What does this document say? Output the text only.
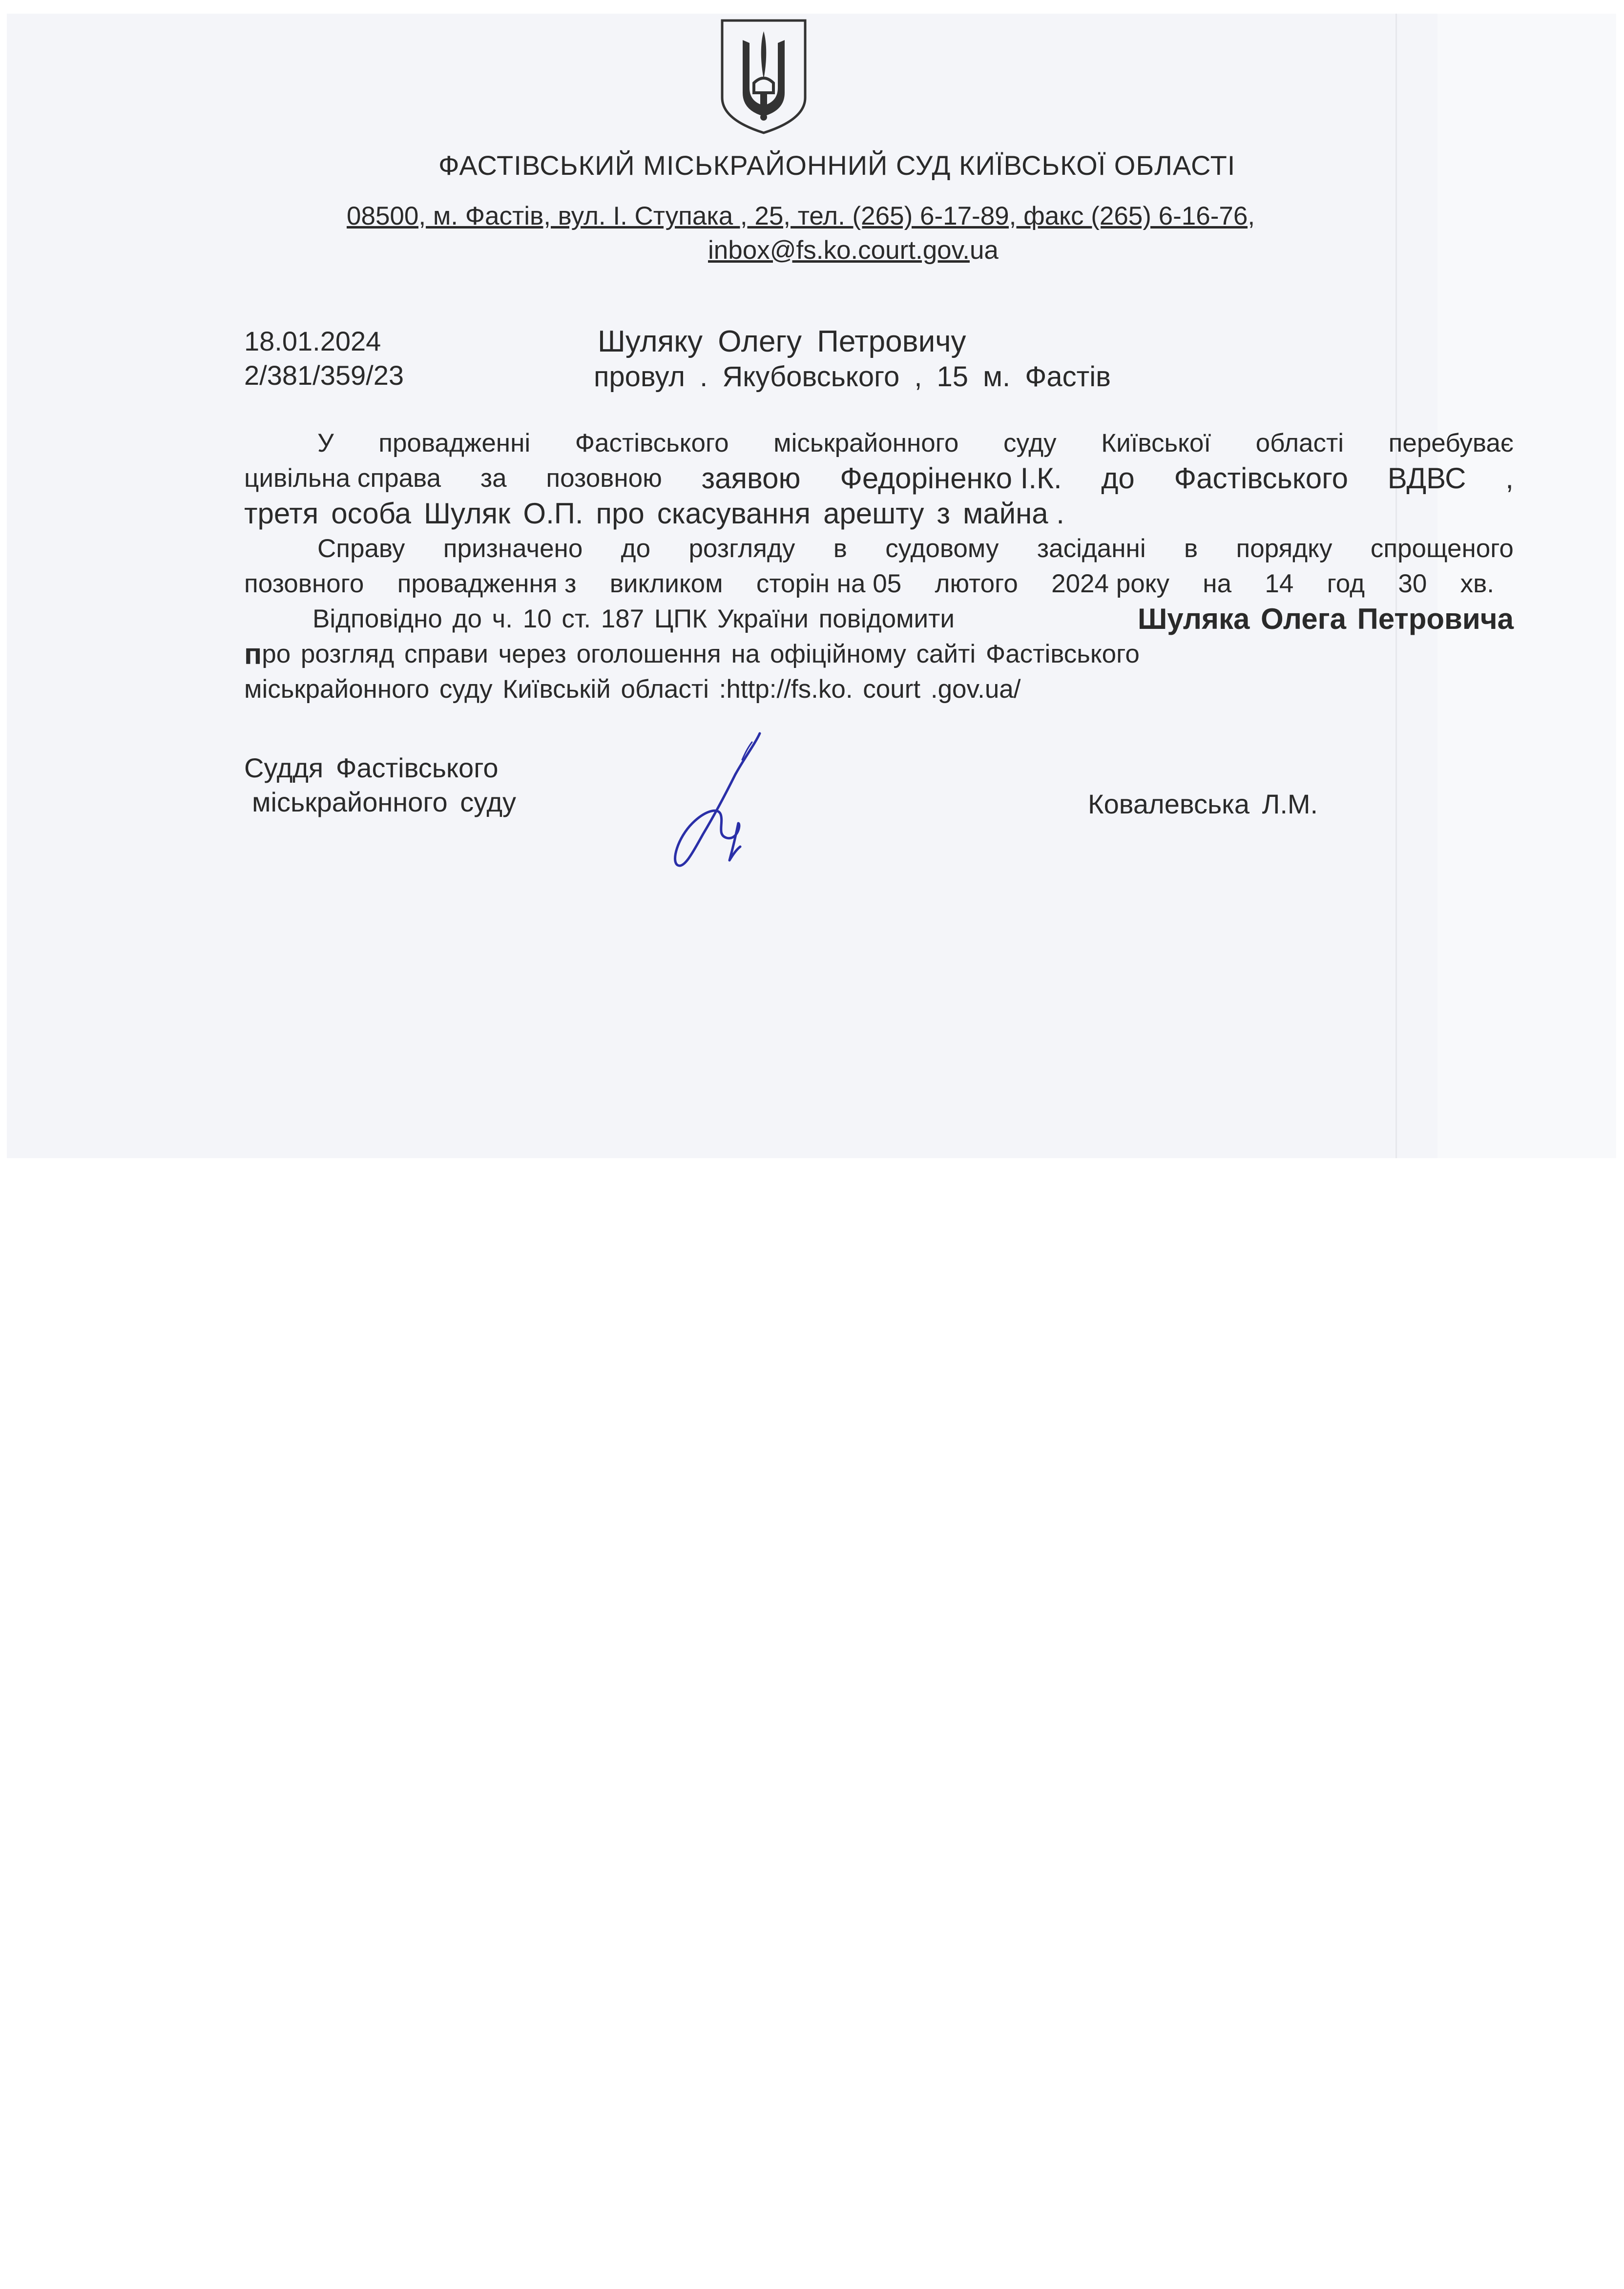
ФАСТІВСЬКИЙ МІСЬКРАЙОННИЙ СУД КИЇВСЬКОЇ ОБЛАСТІ
08500, м. Фастів, вул. І. Ступака , 25, тел. (265) 6-17-89, факс (265) 6-16-76,
inbox@fs.ko.court.gov.ua
18.01.2024
2/381/359/23
Шуляку Олегу Петровичу
провул . Якубовського , 15 м. Фастів
У провадженні Фастівського міськрайонного суду Київської області перебуває
цивільна справа за позовною заявою Федоріненко І.К. до Фастівського ВДВС ,
третя особа Шуляк О.П. про скасування арешту з майна .
Справу призначено до розгляду в судовому засіданні в порядку спрощеного
позовного провадження з викликом сторін на 05 лютого 2024 року на 14 год 30 хв.
Відповідно до ч. 10 ст. 187 ЦПК України повідомити	Шуляка Олега Петровича
п ро розгляд справи через оголошення на офіційному сайті Фастівського
міськрайонного суду Київській області :http://fs.ko. court .gov.ua/
Суддя Фастівського
міськрайонного суду	Ковалевська Л.М.
